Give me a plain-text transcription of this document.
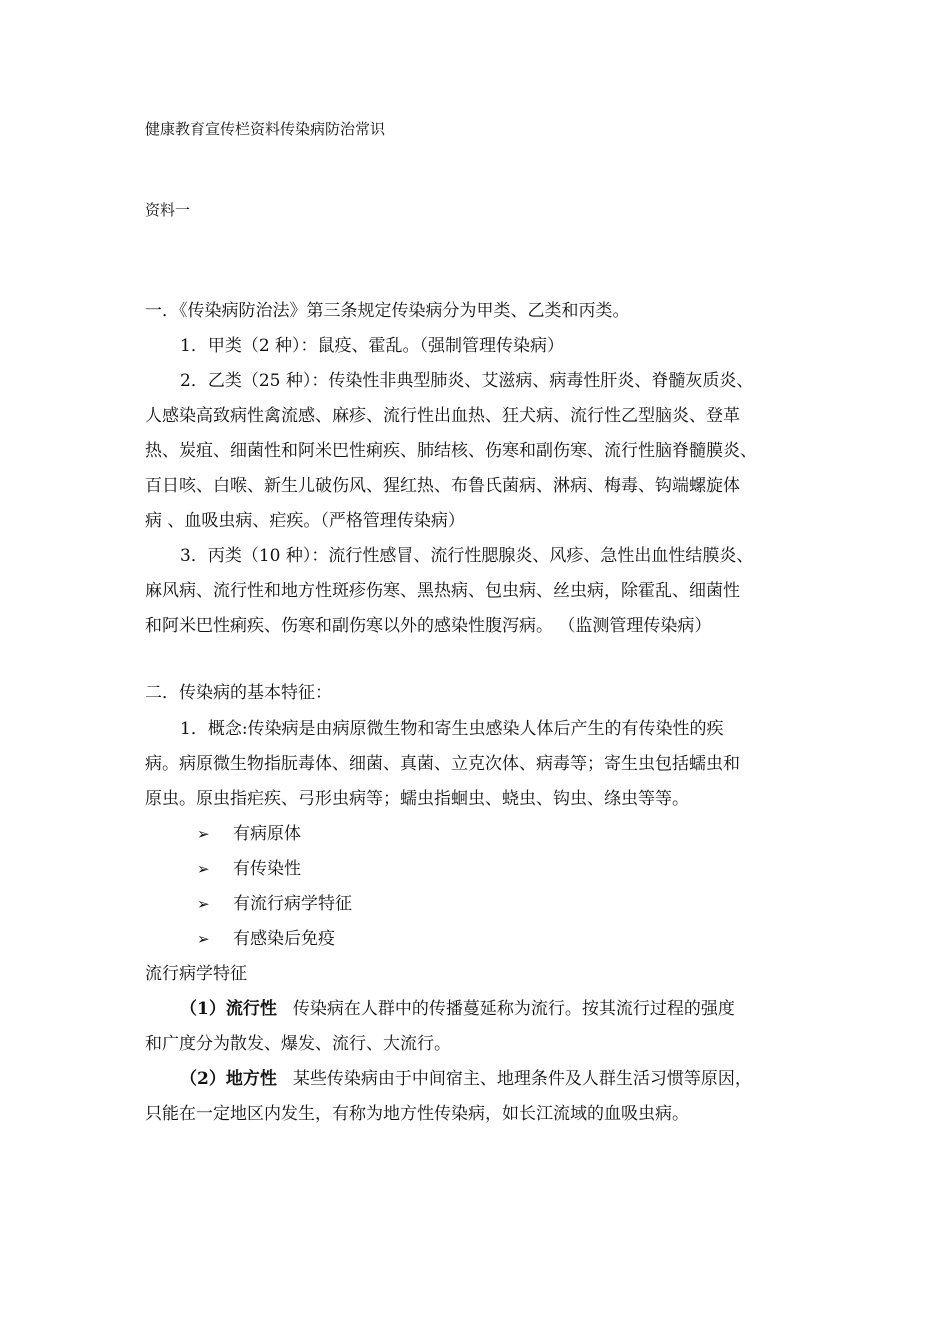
健康教育宣传栏资料传染病防治常识
资料一
一．《传染病防治法》第三条规定传染病分为甲类、乙类和丙类。
1．甲类（2 种）：鼠疫、霍乱。（强制管理传染病）
2．乙类（25 种）：传染性非典型肺炎、艾滋病、病毒性肝炎、脊髓灰质炎、
人感染高致病性禽流感、麻疹、流行性出血热、狂犬病、流行性乙型脑炎、登革
热、炭疽、细菌性和阿米巴性痢疾、肺结核、伤寒和副伤寒、流行性脑脊髓膜炎、
百日咳、白喉、新生儿破伤风、猩红热、布鲁氏菌病、淋病、梅毒、钩端螺旋体
病 、血吸虫病、疟疾。（严格管理传染病）
3．丙类（10 种）：流行性感冒、流行性腮腺炎、风疹、急性出血性结膜炎、
麻风病、流行性和地方性斑疹伤寒、黑热病、包虫病、丝虫病，除霍乱、细菌性
和阿米巴性痢疾、伤寒和副伤寒以外的感染性腹泻病。 （监测管理传染病）
二．传染病的基本特征：
1．概念:传染病是由病原微生物和寄生虫感染人体后产生的有传染性的疾
病。病原微生物指朊毒体、细菌、真菌、立克次体、病毒等；寄生虫包括蠕虫和
原虫。原虫指疟疾、弓形虫病等；蠕虫指蛔虫、蛲虫、钩虫、绦虫等等。
➢ 有病原体
➢ 有传染性
➢ 有流行病学特征
➢ 有感染后免疫
流行病学特征
（1）流行性 传染病在人群中的传播蔓延称为流行。按其流行过程的强度
和广度分为散发、爆发、流行、大流行。
（2）地方性 某些传染病由于中间宿主、地理条件及人群生活习惯等原因，
只能在一定地区内发生，有称为地方性传染病，如长江流域的血吸虫病。
